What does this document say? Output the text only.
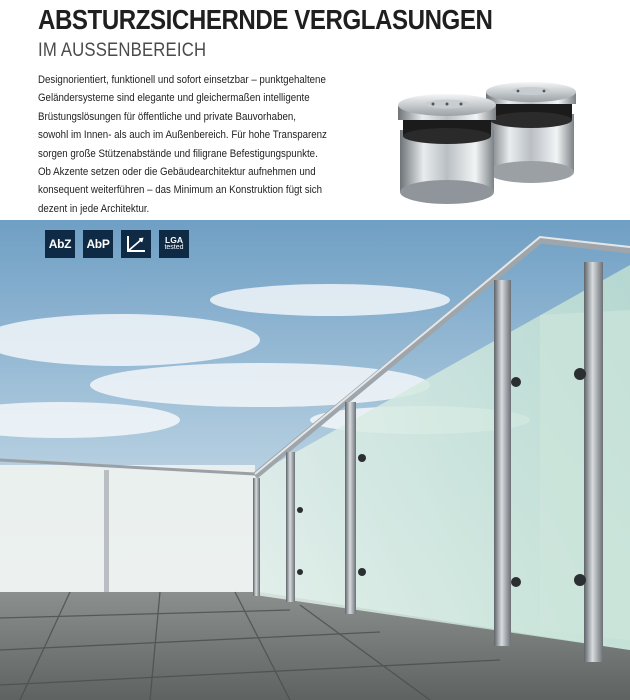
ABSTURZSICHERNDE VERGLASUNGEN
IM AUSSENBEREICH
Designorientiert, funktionell und sofort einsetzbar – punktgehaltene
Geländersysteme sind elegante und gleichermaßen intelligente
Brüstungslösungen für öffentliche und private Bauvorhaben,
sowohl im Innen- als auch im Außenbereich. Für hohe Transparenz
sorgen große Stützenabstände und filigrane Befestigungspunkte.
Ob Akzente setzen oder die Gebäudearchitektur aufnehmen und
konsequent weiterführen – das Minimum an Konstruktion fügt sich
dezent in jede Architektur.
AbZ	AbP	LGA
tested
